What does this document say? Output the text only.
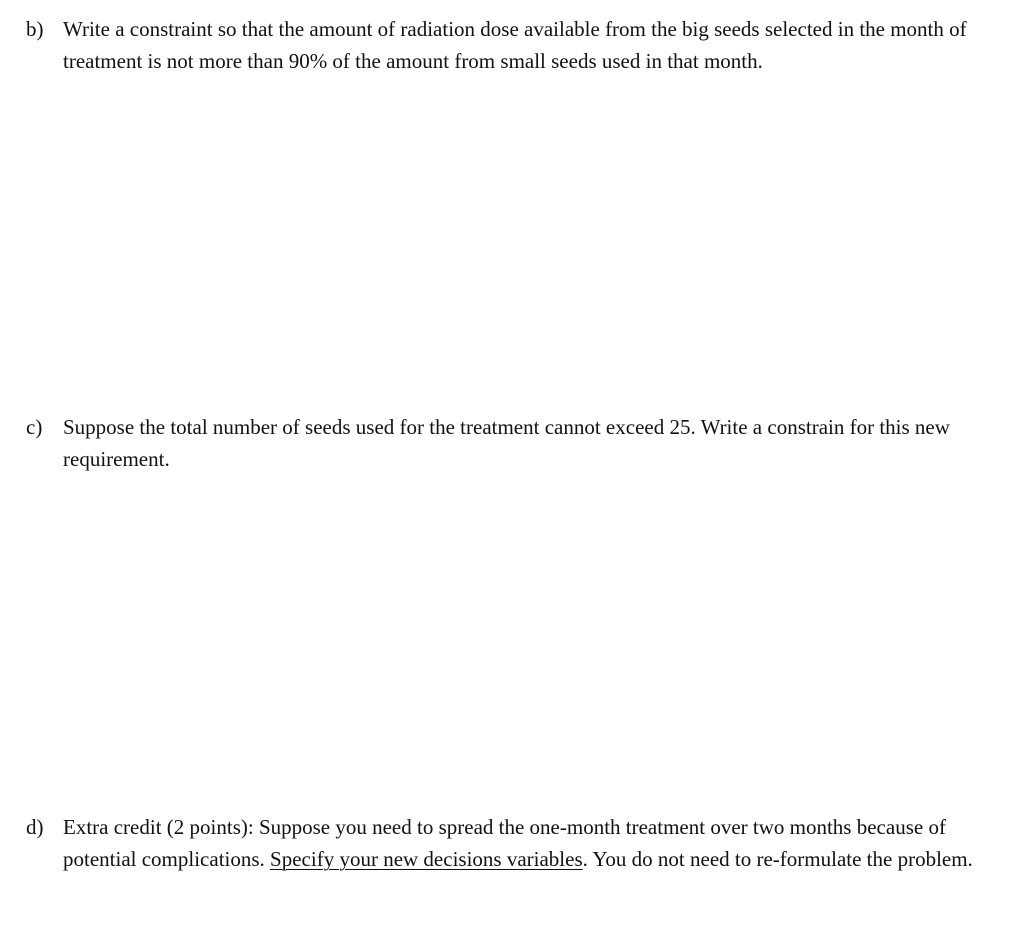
b) Write a constraint so that the amount of radiation dose available from the big seeds selected in the month of treatment is not more than 90% of the amount from small seeds used in that month.
c) Suppose the total number of seeds used for the treatment cannot exceed 25. Write a constrain for this new requirement.
d) Extra credit (2 points): Suppose you need to spread the one-month treatment over two months because of potential complications. Specify your new decisions variables. You do not need to re-formulate the problem.
